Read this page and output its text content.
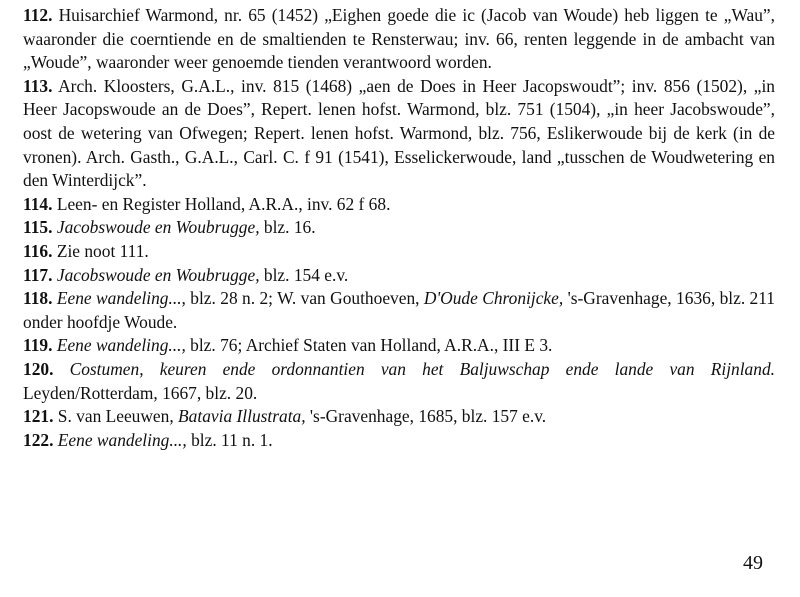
112. Huisarchief Warmond, nr. 65 (1452) „Eighen goede die ic (Jacob van Woude) heb liggen te „Wau”, waaronder die coerntiende en de smaltienden te Rensterwau; inv. 66, renten leggende in de ambacht van „Woude”, waaronder weer genoemde tienden verantwoord worden.
113. Arch. Kloosters, G.A.L., inv. 815 (1468) „aen de Does in Heer Jacopswoudt”; inv. 856 (1502), „in Heer Jacopswoude an de Does”, Repert. lenen hofst. Warmond, blz. 751 (1504), „in heer Jacobswoude”, oost de wetering van Ofwegen; Repert. lenen hofst. Warmond, blz. 756, Eslikerwoude bij de kerk (in de vronen). Arch. Gasth., G.A.L., Carl. C. f 91 (1541), Esselickerwoude, land „tusschen de Woudwetering en den Winterdijck”.
114. Leen- en Register Holland, A.R.A., inv. 62 f 68.
115. Jacobswoude en Woubrugge, blz. 16.
116. Zie noot 111.
117. Jacobswoude en Woubrugge, blz. 154 e.v.
118. Eene wandeling..., blz. 28 n. 2; W. van Gouthoeven, D'Oude Chronijcke, 's-Gravenhage, 1636, blz. 211 onder hoofdje Woude.
119. Eene wandeling..., blz. 76; Archief Staten van Holland, A.R.A., III E 3.
120. Costumen, keuren ende ordonnantien van het Baljuwschap ende lande van Rijnland. Leyden/Rotterdam, 1667, blz. 20.
121. S. van Leeuwen, Batavia Illustrata, 's-Gravenhage, 1685, blz. 157 e.v.
122. Eene wandeling..., blz. 11 n. 1.
49
